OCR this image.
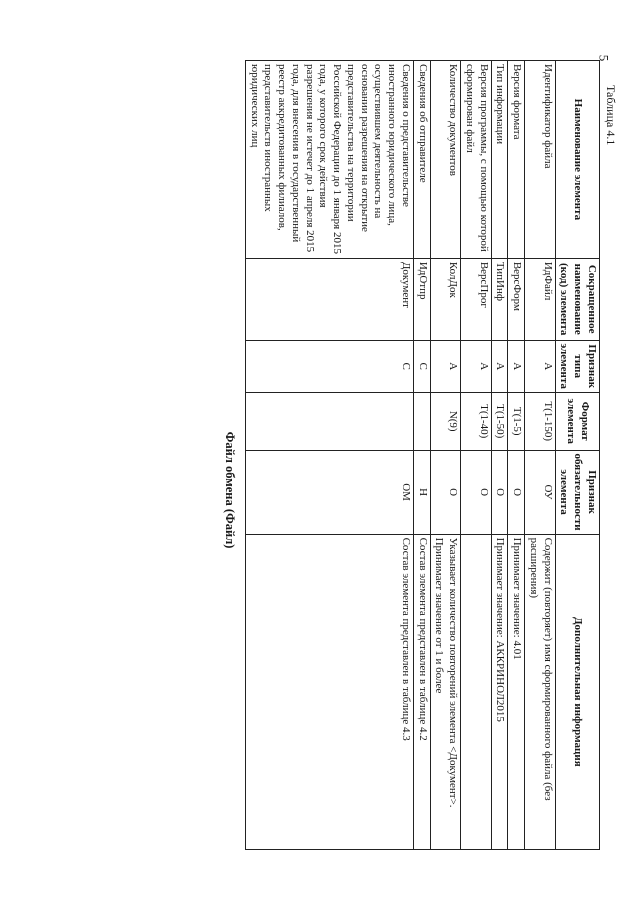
5
Таблица 4.1
Наименование элемента	Сокращенное наименование (код) элемента	Признак типа элемента	Формат элемента	Признак обязательности элемента	Дополнительная информация
Идентификатор файла	ИдФайл	А	T(1-150)	ОУ	Содержит (повторяет) имя сформированного файла (без расширения)
Версия формата	ВерсФорм	А	T(1-5)	О	Принимает значение: 4.01
Тип информации	ТипИнф	А	T(1-50)	О	Принимает значение: АККРИНОЛ2015
Версия программы, с помощью которой сформирован файл	ВерсПрог	А	T(1-40)	О	
Количество документов	КолДок	А	N(9)	О	Указывает количество повторений элемента <Документ>. Принимает значение от 1 и более
Сведения об отправителе	ИдОтпр	С		Н	Состав элемента представлен в таблице 4.2
Сведения о представительстве иностранного юридического лица, осуществившем деятельность на основании разрешения на открытие представительства на территории Российской Федерации до 1 января 2015 года, у которого срок действия разрешения не истечет до 1 апреля 2015 года, для внесения в государственный реестр аккредитованных филиалов, представительств иностранных юридических лиц	Документ	С		ОМ	Состав элемента представлен в таблице 4.3
Файл обмена (Файл)
